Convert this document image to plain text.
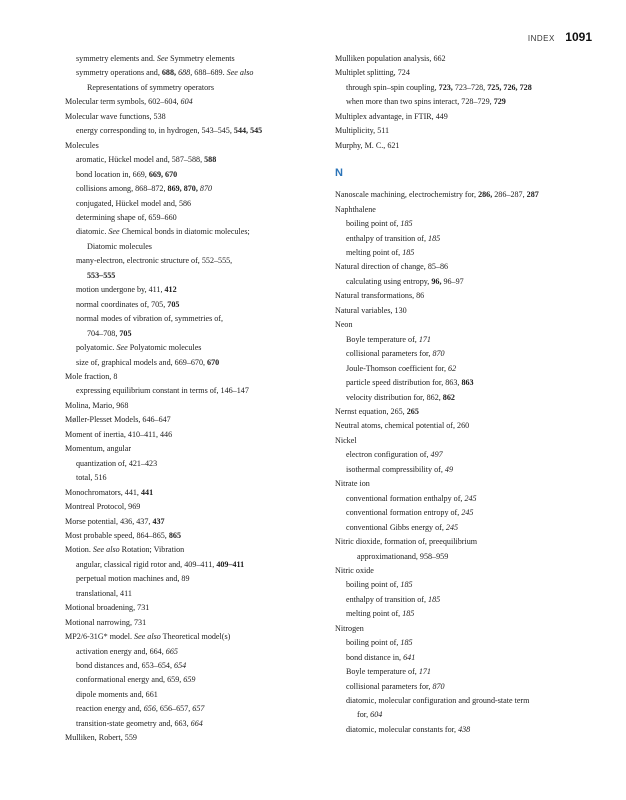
INDEX 1091
symmetry elements and. See Symmetry elements
symmetry operations and, 688, 688, 688–689. See also
Representations of symmetry operators
Molecular term symbols, 602–604, 604
Molecular wave functions, 538
energy corresponding to, in hydrogen, 543–545, 544, 545
Molecules
aromatic, Hückel model and, 587–588, 588
bond location in, 669, 669, 670
collisions among, 868–872, 869, 870, 870
conjugated, Hückel model and, 586
determining shape of, 659–660
diatomic. See Chemical bonds in diatomic molecules;
Diatomic molecules
many-electron, electronic structure of, 552–555,
553–555
motion undergone by, 411, 412
normal coordinates of, 705, 705
normal modes of vibration of, symmetries of,
704–708, 705
polyatomic. See Polyatomic molecules
size of, graphical models and, 669–670, 670
Mole fraction, 8
expressing equilibrium constant in terms of, 146–147
Molina, Mario, 968
Møller-Plesset Models, 646–647
Moment of inertia, 410–411, 446
Momentum, angular
quantization of, 421–423
total, 516
Monochromators, 441, 441
Montreal Protocol, 969
Morse potential, 436, 437, 437
Most probable speed, 864–865, 865
Motion. See also Rotation; Vibration
angular, classical rigid rotor and, 409–411, 409–411
perpetual motion machines and, 89
translational, 411
Motional broadening, 731
Motional narrowing, 731
MP2/6-31G* model. See also Theoretical model(s)
activation energy and, 664, 665
bond distances and, 653–654, 654
conformational energy and, 659, 659
dipole moments and, 661
reaction energy and, 656, 656–657, 657
transition-state geometry and, 663, 664
Mulliken, Robert, 559
Mulliken population analysis, 662
Multiplet splitting, 724
through spin–spin coupling, 723, 723–728, 725, 726, 728
when more than two spins interact, 728–729, 729
Multiplex advantage, in FTIR, 449
Multiplicity, 511
Murphy, M. C., 621
N
Nanoscale machining, electrochemistry for, 286, 286–287, 287
Naphthalene
boiling point of, 185
enthalpy of transition of, 185
melting point of, 185
Natural direction of change, 85–86
calculating using entropy, 96, 96–97
Natural transformations, 86
Natural variables, 130
Neon
Boyle temperature of, 171
collisional parameters for, 870
Joule-Thomson coefficient for, 62
particle speed distribution for, 863, 863
velocity distribution for, 862, 862
Nernst equation, 265, 265
Neutral atoms, chemical potential of, 260
Nickel
electron configuration of, 497
isothermal compressibility of, 49
Nitrate ion
conventional formation enthalpy of, 245
conventional formation entropy of, 245
conventional Gibbs energy of, 245
Nitric dioxide, formation of, preequilibrium
approximationand, 958–959
Nitric oxide
boiling point of, 185
enthalpy of transition of, 185
melting point of, 185
Nitrogen
boiling point of, 185
bond distance in, 641
Boyle temperature of, 171
collisional parameters for, 870
diatomic, molecular configuration and ground-state term
for, 604
diatomic, molecular constants for, 438
